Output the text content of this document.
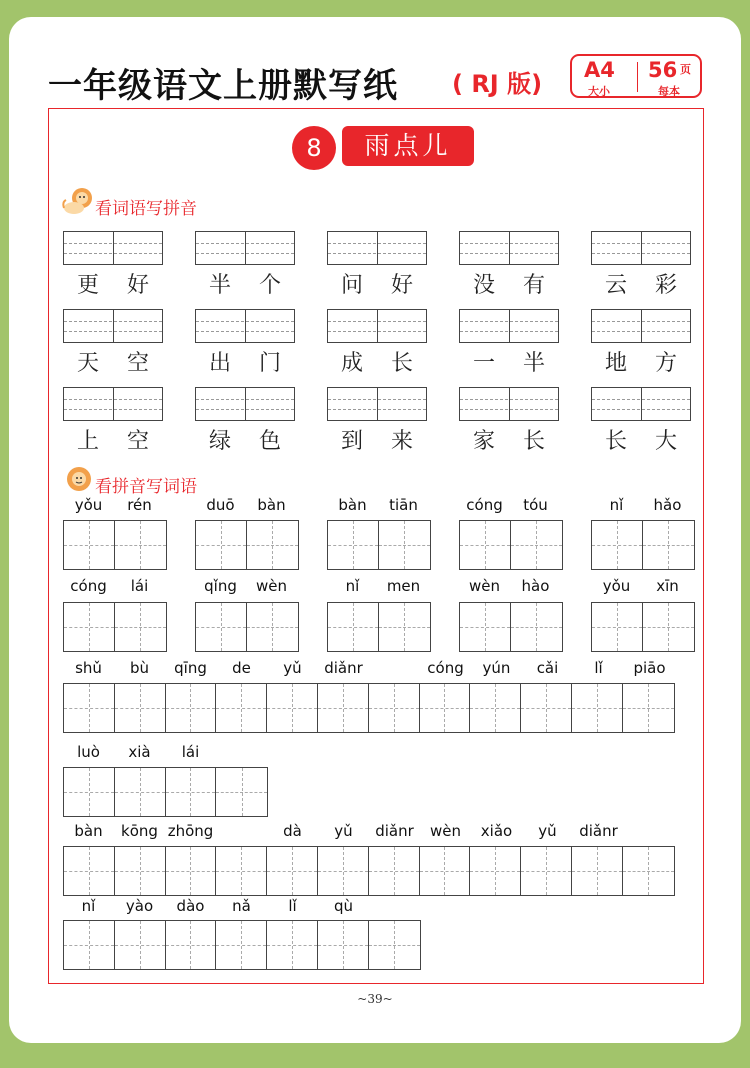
一年级语文上册默写纸 ( RJ 版) A4
大小
56 页
每本
8	雨点儿
看词语写拼音
看拼音写词语
更	好	半	个	问	好	没	有	云	彩
天	空	出	门	成	长	一	半	地	方
上	空	绿	色	到	来	家	长	长	大
yǒu	rén	duō	bàn	bàn	tiān	cóng	tóu	nǐ	hǎo
cóng	lái	qǐng	wèn	nǐ	men	wèn	hào	yǒu	xīn
shǔ	bù	qīng	de	yǔ	diǎnr	cóng	yún	cǎi	lǐ	piāo
luò	xià	lái
bàn	kōng zhōng	dà	yǔ	diǎnr	wèn	xiǎo	yǔ	diǎnr
nǐ	yào	dào	nǎ	lǐ	qù
~39~
